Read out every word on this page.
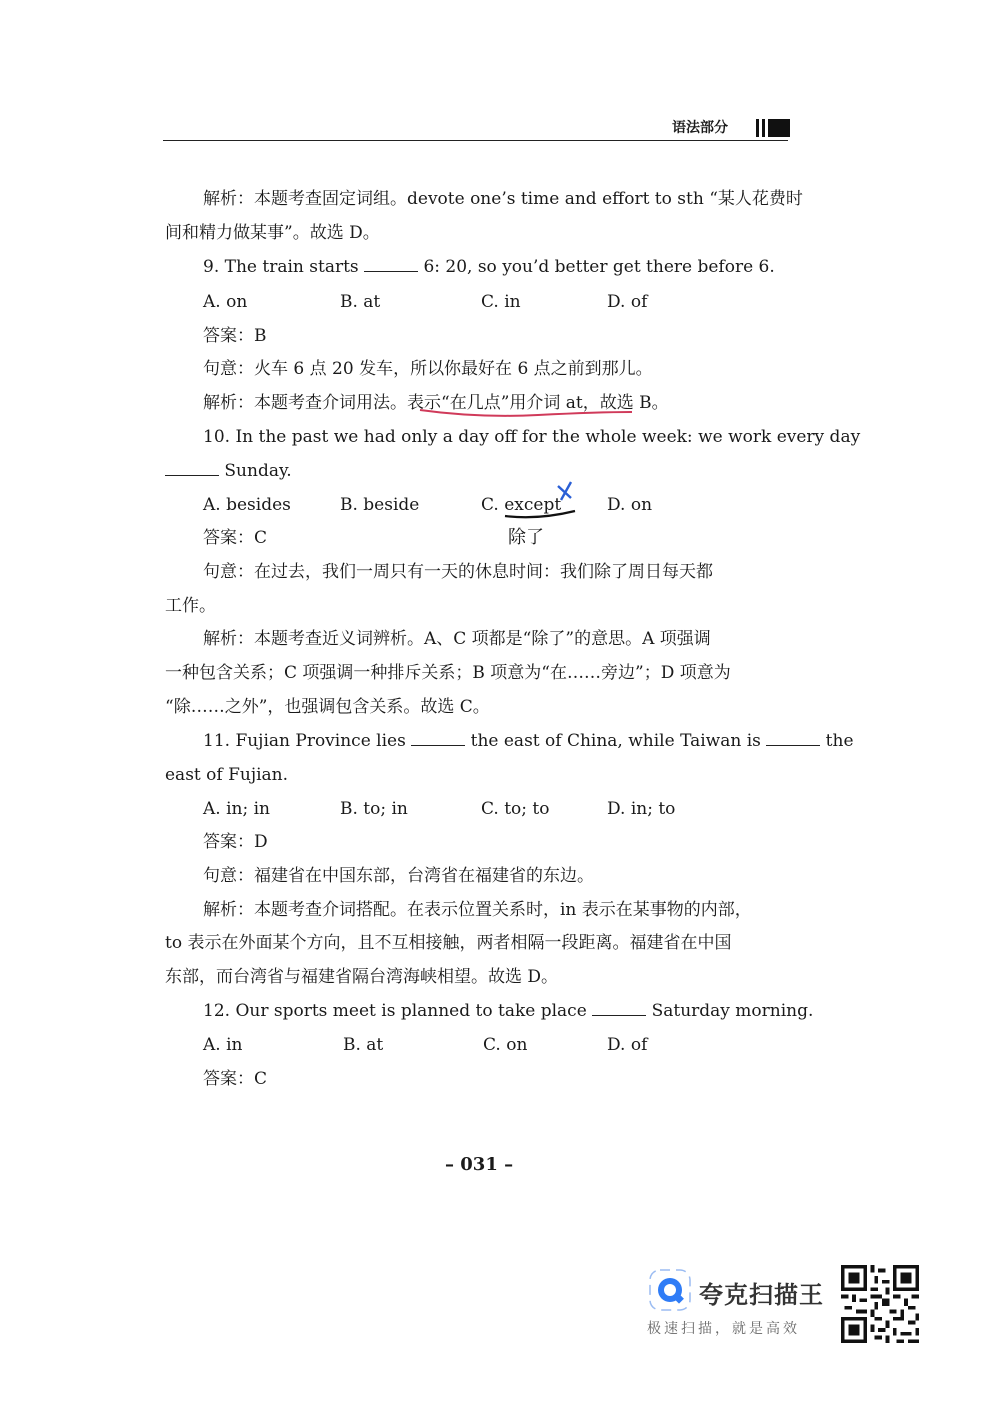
语法部分
解析：本题考查固定词组。devote one’s time and effort to sth “某人花费时
间和精力做某事”。故选 D。
9. The train starts	6: 20, so you’d better get there before 6.
A. on	B. at	C. in	D. of
答案：B
句意：火车 6 点 20 发车，所以你最好在 6 点之前到那儿。
解析：本题考查介词用法。表示“在几点”用介词 at，故选 B。
10. In the past we had only a day off for the whole week: we work every day
Sunday.
A. besides	B. beside	C. except	D. on
答案：C	除了
句意：在过去，我们一周只有一天的休息时间：我们除了周日每天都
工作。
解析：本题考查近义词辨析。A、C 项都是“除了”的意思。A 项强调
一种包含关系；C 项强调一种排斥关系；B 项意为“在……旁边”；D 项意为
“除……之外”，也强调包含关系。故选 C。
11. Fujian Province lies	the east of China, while Taiwan is	the
east of Fujian.
A. in; in	B. to; in	C. to; to	D. in; to
答案：D
句意：福建省在中国东部，台湾省在福建省的东边。
解析：本题考查介词搭配。在表示位置关系时，in 表示在某事物的内部，
to 表示在外面某个方向，且不互相接触，两者相隔一段距离。福建省在中国
东部，而台湾省与福建省隔台湾海峡相望。故选 D。
12. Our sports meet is planned to take place	Saturday morning.
A. in	B. at	C. on	D. of
答案：C
– 031 –
夸克扫描王
极速扫描，就是高效
